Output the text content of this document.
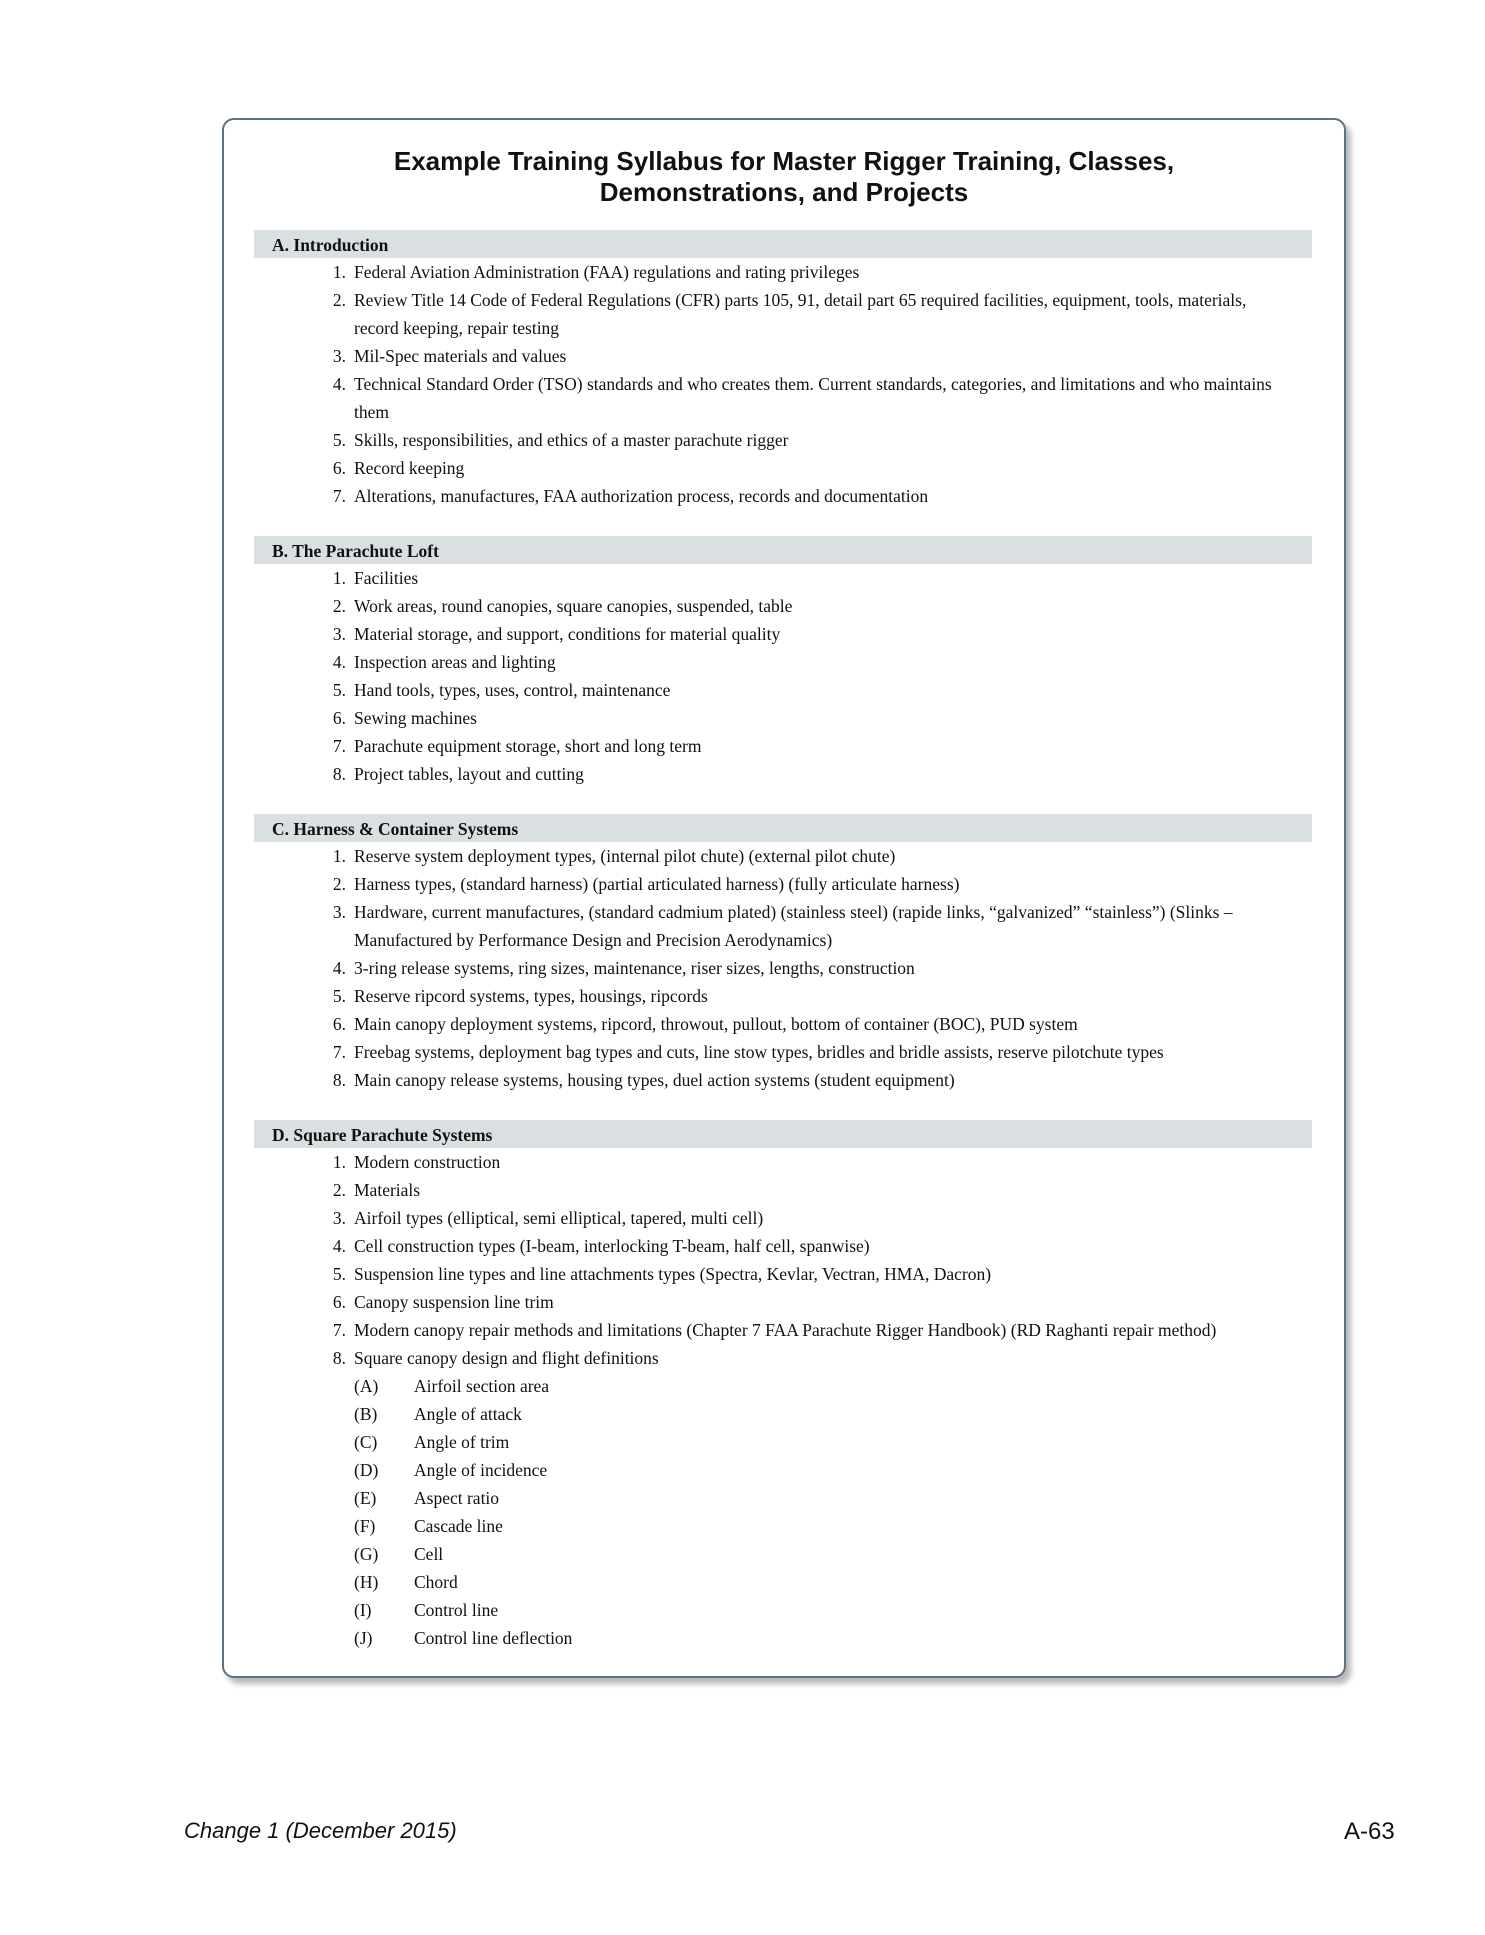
Example Training Syllabus for Master Rigger Training, Classes,
Demonstrations, and Projects
A. Introduction
1 . Federal Aviation Administration (FAA) regulations and rating privileges
2 . Review Title 14 Code of Federal Regulations (CFR) parts 105, 91, detail part 65 required facilities, equipment, tools, materials, record keeping, repair testing
3 . Mil-Spec materials and values
4 . Technical Standard Order (TSO) standards and who creates them. Current standards, categories, and limitations and who maintains them
5 . Skills, responsibilities, and ethics of a master parachute rigger
6 . Record keeping
7 . Alterations, manufactures, FAA authorization process, records and documentation
B. The Parachute Loft
1 . Facilities
2 . Work areas, round canopies, square canopies, suspended, table
3 . Material storage, and support, conditions for material quality
4 . Inspection areas and lighting
5 . Hand tools, types, uses, control, maintenance
6 . Sewing machines
7 . Parachute equipment storage, short and long term
8 . Project tables, layout and cutting
C. Harness & Container Systems
1 . Reserve system deployment types, (internal pilot chute) (external pilot chute)
2 . Harness types, (standard harness) (partial articulated harness) (fully articulate harness)
3 . Hardware, current manufactures, (standard cadmium plated) (stainless steel) (rapide links, “galvanized” “stainless”) (Slinks – Manufactured by Performance Design and Precision Aerodynamics)
4 . 3-ring release systems, ring sizes, maintenance, riser sizes, lengths, construction
5 . Reserve ripcord systems, types, housings, ripcords
6 . Main canopy deployment systems, ripcord, throwout, pullout, bottom of container (BOC), PUD system
7 . Freebag systems, deployment bag types and cuts, line stow types, bridles and bridle assists, reserve pilotchute types
8 . Main canopy release systems, housing types, duel action systems (student equipment)
D. Square Parachute Systems
1 . Modern construction
2 . Materials
3 . Airfoil types (elliptical, semi elliptical, tapered, multi cell)
4 . Cell construction types (I-beam, interlocking T-beam, half cell, spanwise)
5 . Suspension line types and line attachments types (Spectra, Kevlar, Vectran, HMA, Dacron)
6 . Canopy suspension line trim
7 . Modern canopy repair methods and limitations (Chapter 7 FAA Parachute Rigger Handbook) (RD Raghanti repair method)
8 . Square canopy design and flight definitions
(A) Airfoil section area
(B) Angle of attack
(C) Angle of trim
(D) Angle of incidence
(E) Aspect ratio
(F) Cascade line
(G) Cell
(H) Chord
(I) Control line
(J) Control line deflection
Change 1 (December 2015)	A-63
